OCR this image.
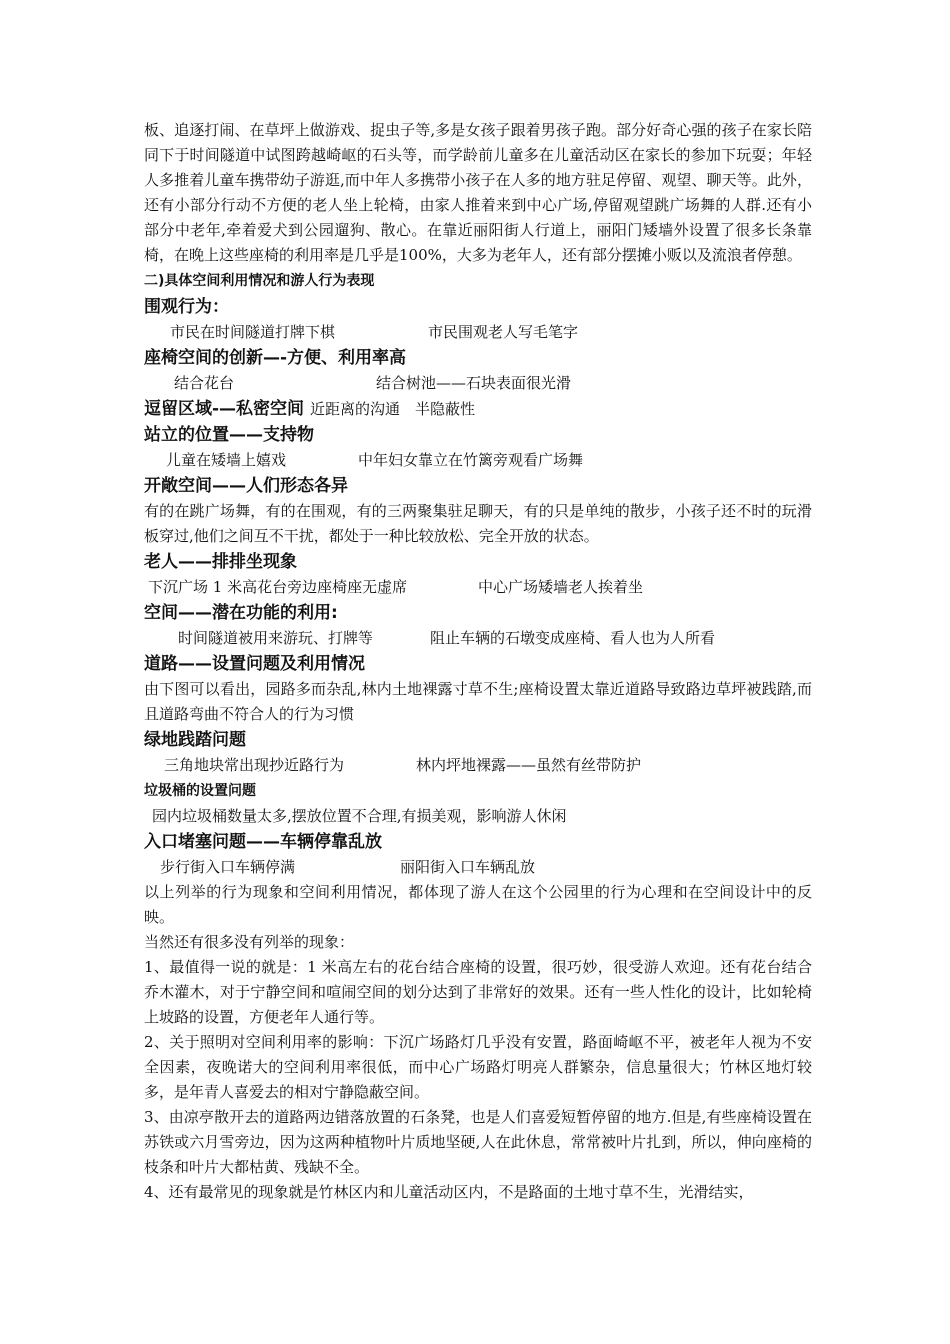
板、追逐打闹、在草坪上做游戏、捉虫子等,多是女孩子跟着男孩子跑。部分好奇心强的孩子在家长陪同下于时间隧道中试图跨越崎岖的石头等，而学龄前儿童多在儿童活动区在家长的参加下玩耍；年轻人多推着儿童车携带幼子游逛,而中年人多携带小孩子在人多的地方驻足停留、观望、聊天等。此外，还有小部分行动不方便的老人坐上轮椅，由家人推着来到中心广场,停留观望跳广场舞的人群.还有小部分中老年,牵着爱犬到公园遛狗、散心。在靠近丽阳街人行道上，丽阳门矮墙外设置了很多长条靠椅，在晚上这些座椅的利用率是几乎是100%，大多为老年人，还有部分摆摊小贩以及流浪者停憩。

二)具体空间利用情况和游人行为表现

围观行为：

市民在时间隧道打牌下棋	市民围观老人写毛笔字

座椅空间的创新—-方便、利用率高

结合花台	结合树池——石块表面很光滑

逗留区域-—私密空间 近距离的沟通　半隐蔽性

站立的位置——支持物

儿童在矮墙上嬉戏	中年妇女靠立在竹篱旁观看广场舞

开敞空间——人们形态各异

有的在跳广场舞，有的在围观，有的三两聚集驻足聊天，有的只是单纯的散步，小孩子还不时的玩滑板穿过,他们之间互不干扰，都处于一种比较放松、完全开放的状态。

老人——排排坐现象

下沉广场 1 米高花台旁边座椅座无虚席	中心广场矮墙老人挨着坐

空间——潜在功能的利用:

时间隧道被用来游玩、打牌等	阻止车辆的石墩变成座椅、看人也为人所看

道路——设置问题及利用情况

由下图可以看出，园路多而杂乱,林内土地裸露寸草不生;座椅设置太靠近道路导致路边草坪被践踏,而且道路弯曲不符合人的行为习惯

绿地践踏问题

三角地块常出现抄近路行为	林内坪地裸露——虽然有丝带防护

垃圾桶的设置问题

园内垃圾桶数量太多,摆放位置不合理,有损美观，影响游人休闲

入口堵塞问题——车辆停靠乱放

步行街入口车辆停满	丽阳街入口车辆乱放

以上列举的行为现象和空间利用情况，都体现了游人在这个公园里的行为心理和在空间设计中的反映。

当然还有很多没有列举的现象：

1、最值得一说的就是：1 米高左右的花台结合座椅的设置，很巧妙，很受游人欢迎。还有花台结合乔木灌木，对于宁静空间和喧闹空间的划分达到了非常好的效果。还有一些人性化的设计，比如轮椅上坡路的设置，方便老年人通行等。

2、关于照明对空间利用率的影响：下沉广场路灯几乎没有安置，路面崎岖不平，被老年人视为不安全因素，夜晚诺大的空间利用率很低，而中心广场路灯明亮人群繁杂，信息量很大；竹林区地灯较多，是年青人喜爱去的相对宁静隐蔽空间。

3、由凉亭散开去的道路两边错落放置的石条凳，也是人们喜爱短暂停留的地方.但是,有些座椅设置在苏铁或六月雪旁边，因为这两种植物叶片质地坚硬,人在此休息，常常被叶片扎到，所以，伸向座椅的枝条和叶片大都枯黄、残缺不全。

4、还有最常见的现象就是竹林区内和儿童活动区内，不是路面的土地寸草不生，光滑结实，
